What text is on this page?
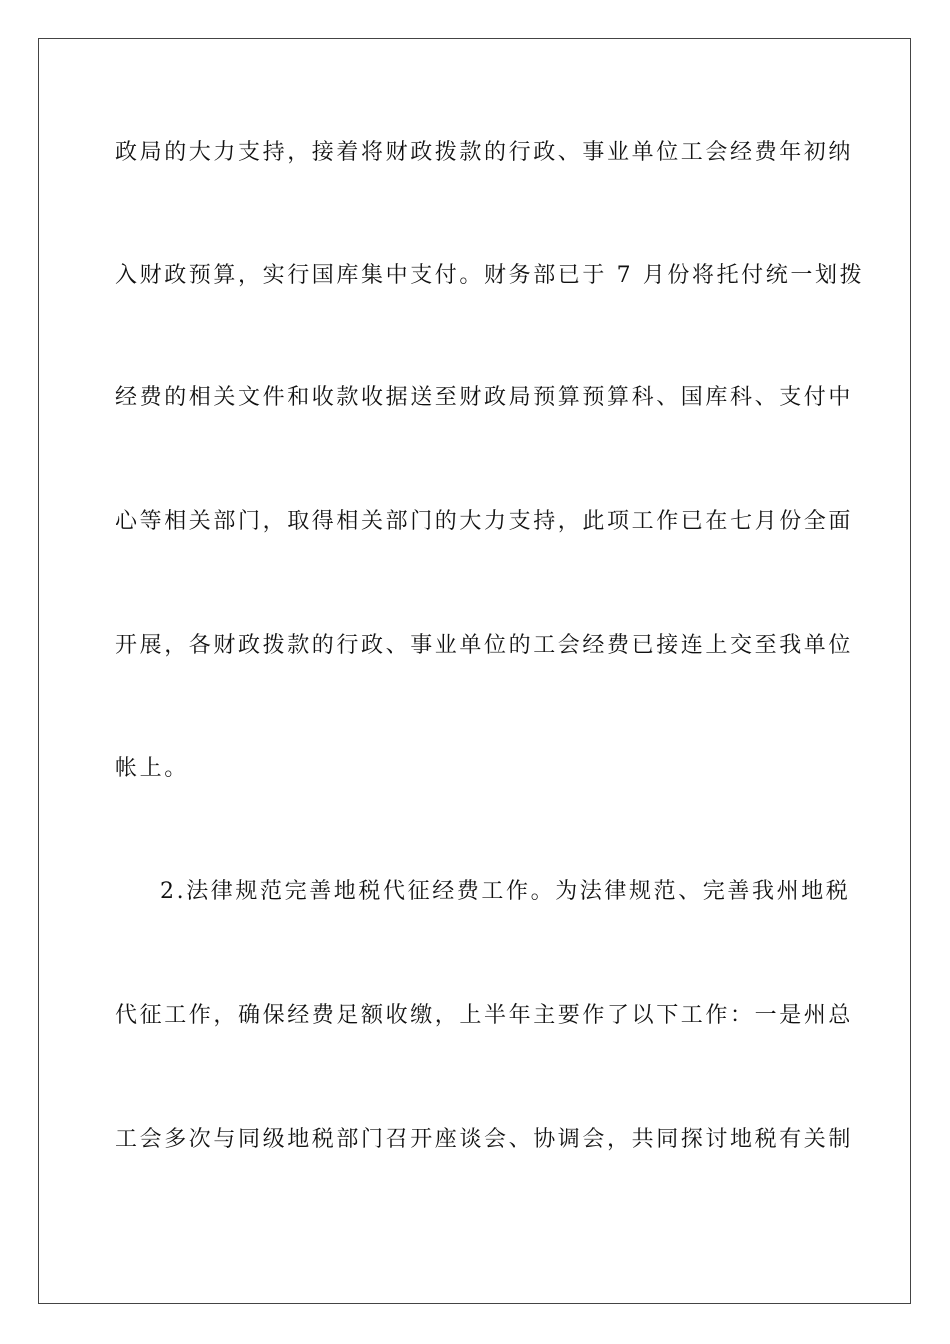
政局的大力支持，接着将财政拨款的行政、事业单位工会经费年初纳
入财政预算，实行国库集中支付。财务部已于 7 月份将托付统一划拨
经费的相关文件和收款收据送至财政局预算预算科、国库科、支付中
心等相关部门，取得相关部门的大力支持，此项工作已在七月份全面
开展，各财政拨款的行政、事业单位的工会经费已接连上交至我单位
帐上。
2.法律规范完善地税代征经费工作。为法律规范、完善我州地税
代征工作，确保经费足额收缴，上半年主要作了以下工作：一是州总
工会多次与同级地税部门召开座谈会、协调会，共同探讨地税有关制
